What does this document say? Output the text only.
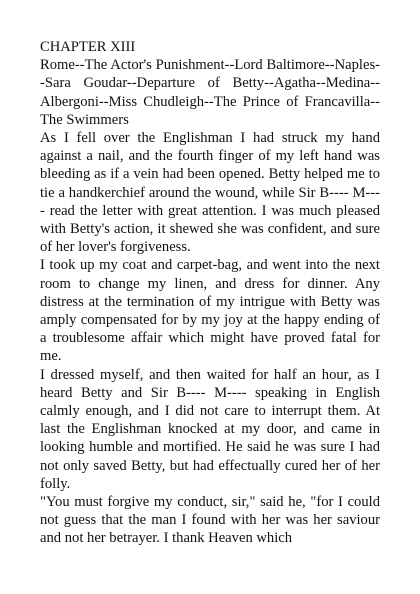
CHAPTER XIII

Rome--The Actor's Punishment--Lord Baltimore--Naples--Sara Goudar--Departure of Betty--Agatha--Medina--Albergoni--Miss Chudleigh--The Prince of Francavilla--The Swimmers

As I fell over the Englishman I had struck my hand against a nail, and the fourth finger of my left hand was bleeding as if a vein had been opened. Betty helped me to tie a handkerchief around the wound, while Sir B---- M---- read the letter with great attention. I was much pleased with Betty's action, it shewed she was confident, and sure of her lover's forgiveness.

I took up my coat and carpet-bag, and went into the next room to change my linen, and dress for dinner. Any distress at the termination of my intrigue with Betty was amply compensated for by my joy at the happy ending of a troublesome affair which might have proved fatal for me.

I dressed myself, and then waited for half an hour, as I heard Betty and Sir B---- M---- speaking in English calmly enough, and I did not care to interrupt them. At last the Englishman knocked at my door, and came in looking humble and mortified. He said he was sure I had not only saved Betty, but had effectually cured her of her folly.

"You must forgive my conduct, sir," said he, "for I could not guess that the man I found with her was her saviour and not her betrayer. I thank Heaven which
